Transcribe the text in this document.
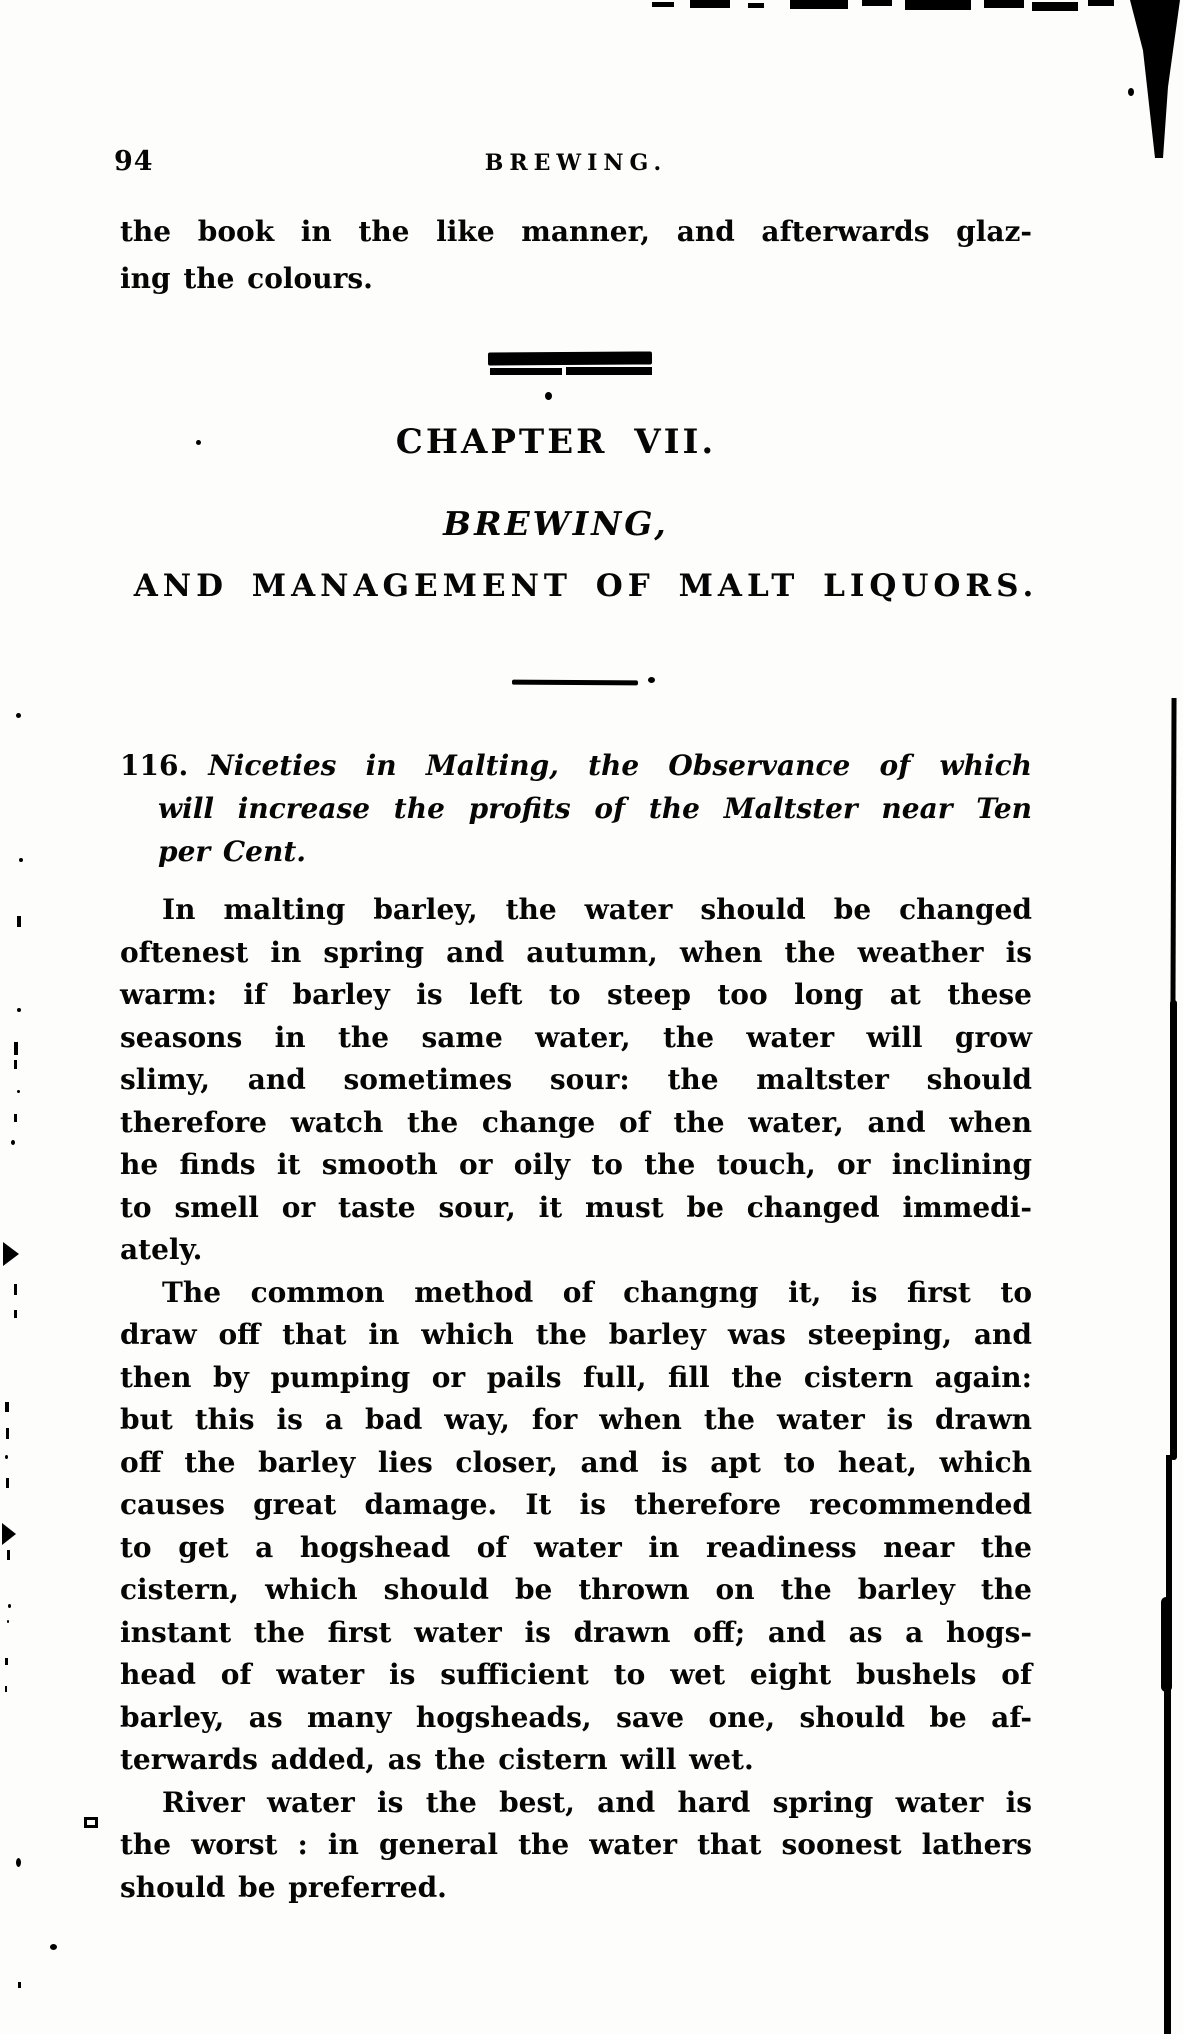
94	BREWING.
the book in the like manner, and afterwards glaz-
ing the colours.
CHAPTER VII.
BREWING,
AND MANAGEMENT OF MALT LIQUORS.
116. Niceties in Malting, the Observance of which
will increase the profits of the Maltster near Ten
per Cent.
In malting barley, the water should be changed
oftenest in spring and autumn, when the weather is
warm: if barley is left to steep too long at these
seasons in the same water, the water will grow
slimy, and sometimes sour: the maltster should
therefore watch the change of the water, and when
he finds it smooth or oily to the touch, or inclining
to smell or taste sour, it must be changed immedi-
ately.
The common method of changng it, is first to
draw off that in which the barley was steeping, and
then by pumping or pails full, fill the cistern again:
but this is a bad way, for when the water is drawn
off the barley lies closer, and is apt to heat, which
causes great damage. It is therefore recommended
to get a hogshead of water in readiness near the
cistern, which should be thrown on the barley the
instant the first water is drawn off; and as a hogs-
head of water is sufficient to wet eight bushels of
barley, as many hogsheads, save one, should be af-
terwards added, as the cistern will wet.
River water is the best, and hard spring water is
the worst : in general the water that soonest lathers
should be preferred.
